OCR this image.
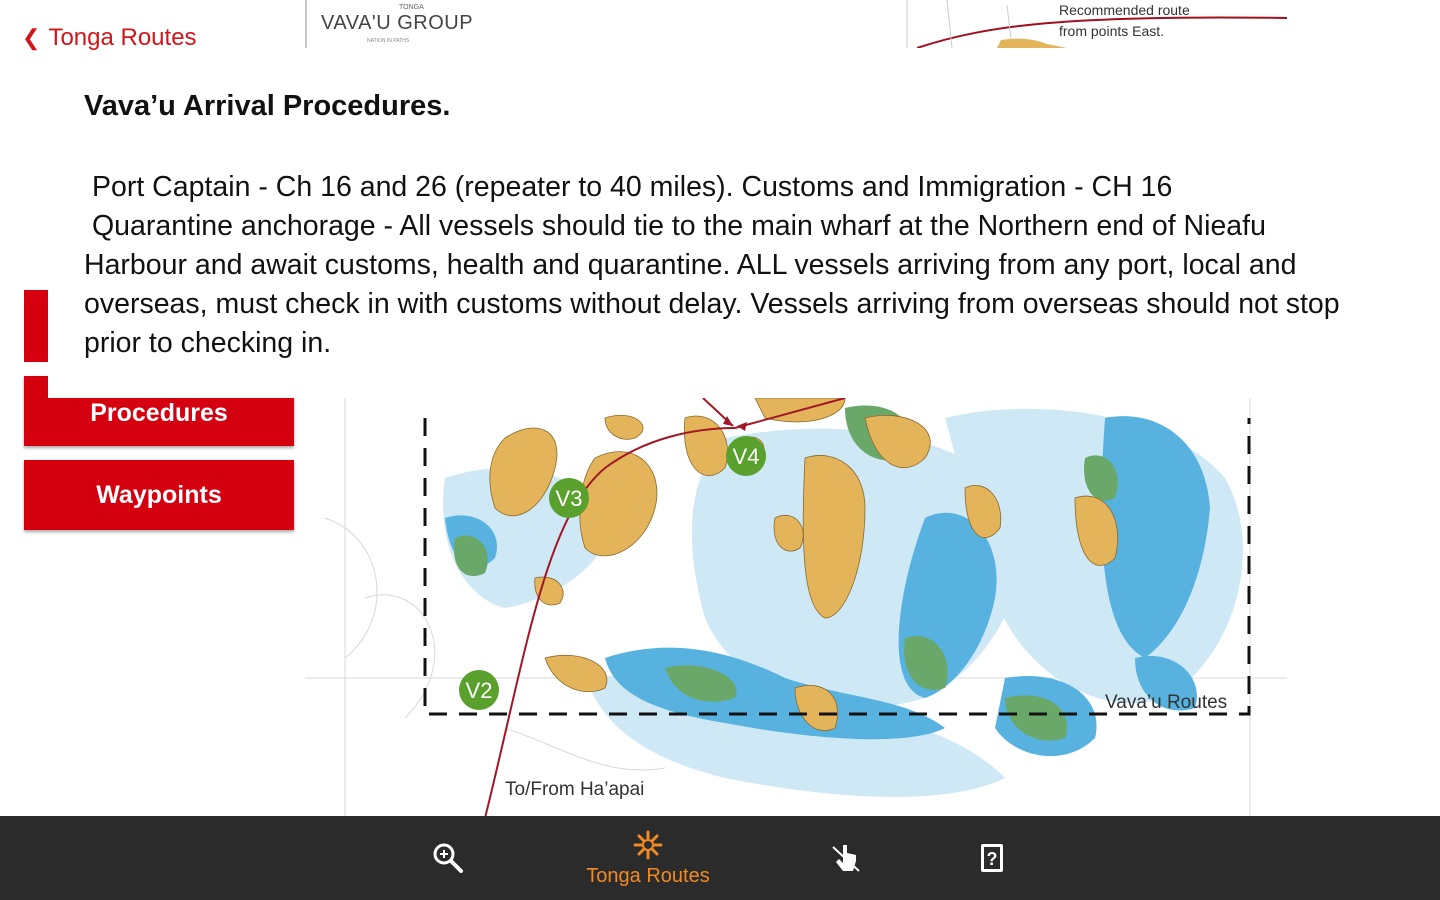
❮ Tonga Routes
TONGA
VAVA'U GROUP
NATION IN PATHS
Recommended route
from points East.
V4
V3
V2	Vava’u Routes
To/From Ha’apai
Procedures
Waypoints
Vava’u Arrival Procedures.

Port Captain - Ch 16 and 26 (repeater to 40 miles). Customs and Immigration - CH 16

Quarantine anchorage - All vessels should tie to the main wharf at the Northern end of Nieafu

Harbour and await customs, health and quarantine. ALL vessels arriving from any port, local and

overseas, must check in with customs without delay. Vessels arriving from overseas should not stop

prior to checking in.

Tonga Routes
?
